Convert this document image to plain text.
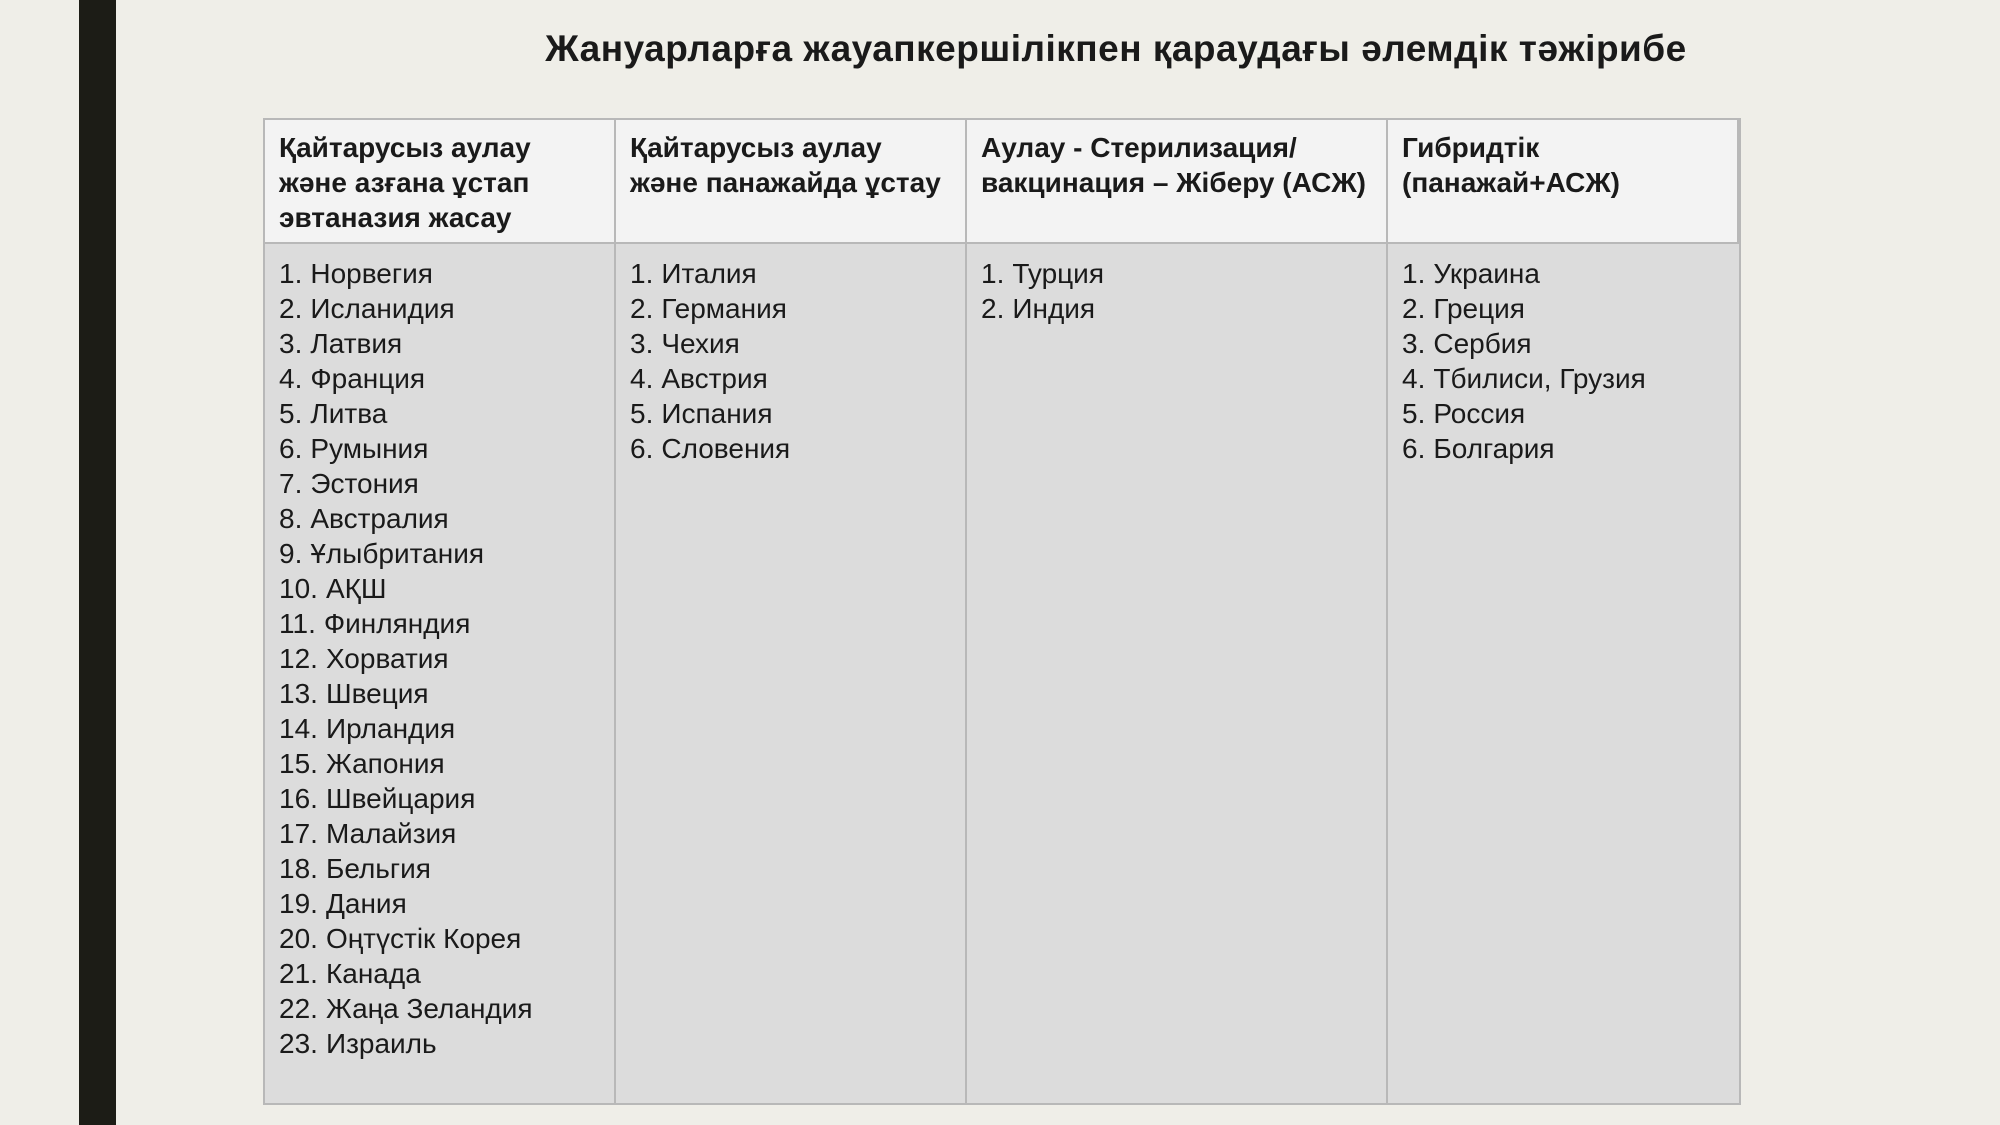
Жануарларға жауапкершілікпен қараудағы әлемдік тәжірибе
Қайтарусыз аулау және азғана ұстап эвтаназия жасау
Қайтарусыз аулау және панажайда ұстау
Аулау - Стерилизация/вакцинация – Жіберу (АСЖ)
Гибридтік (панажай+АСЖ)
1. Норвегия
2. Исланидия
3. Латвия
4. Франция
5. Литва
6. Румыния
7. Эстония
8. Австралия
9. Ұлыбритания
10. АҚШ
11. Финляндия
12. Хорватия
13. Швеция
14. Ирландия
15. Жапония
16. Швейцария
17. Малайзия
18. Бельгия
19. Дания
20. Оңтүстік Корея
21. Канада
22. Жаңа Зеландия
23. Израиль
1. Италия
2. Германия
3. Чехия
4. Австрия
5. Испания
6. Словения
1. Турция
2. Индия
1. Украина
2. Греция
3. Сербия
4. Тбилиси, Грузия
5. Россия
6. Болгария
